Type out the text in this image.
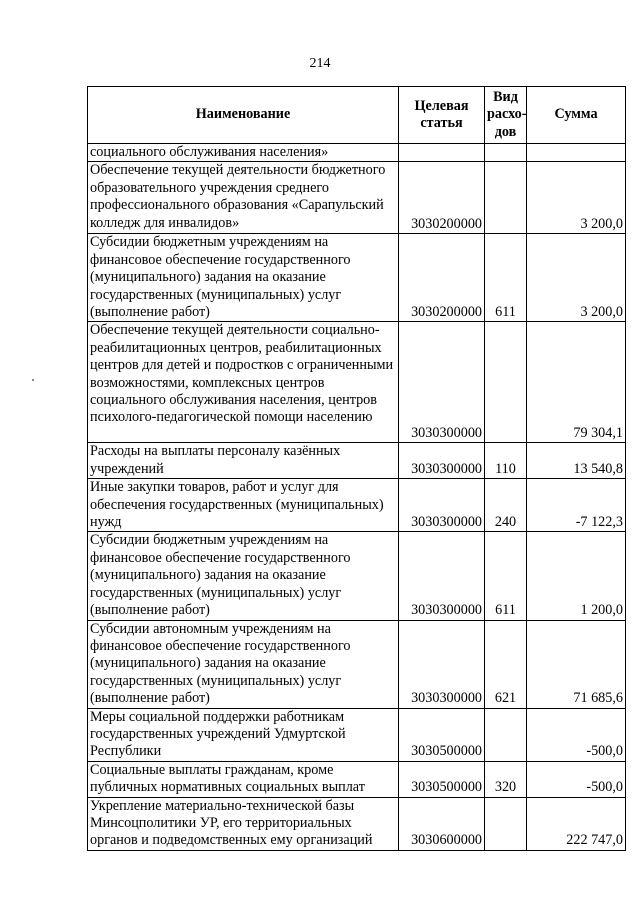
214
Наименование	Целевая статья	Вид расхо-дов	Сумма
социального обслуживания населения»			
Обеспечение текущей деятельности бюджетного образовательного учреждения среднего профессионального образования «Сарапульский колледж для инвалидов»	3030200000		3 200,0
Субсидии бюджетным учреждениям на финансовое обеспечение государственного (муниципального) задания на оказание государственных (муниципальных) услуг (выполнение работ)	3030200000	611	3 200,0
Обеспечение текущей деятельности социально-реабилитационных центров, реабилитационных центров для детей и подростков с ограниченными возможностями, комплексных центров социального обслуживания населения, центров психолого-педагогической помощи населению	3030300000		79 304,1
Расходы на выплаты персоналу казённых учреждений	3030300000	110	13 540,8
Иные закупки товаров, работ и услуг для обеспечения государственных (муниципальных) нужд	3030300000	240	-7 122,3
Субсидии бюджетным учреждениям на финансовое обеспечение государственного (муниципального) задания на оказание государственных (муниципальных) услуг (выполнение работ)	3030300000	611	1 200,0
Субсидии автономным учреждениям на финансовое обеспечение государственного (муниципального) задания на оказание государственных (муниципальных) услуг (выполнение работ)	3030300000	621	71 685,6
Меры социальной поддержки работникам государственных учреждений Удмуртской Республики	3030500000		-500,0
Социальные выплаты гражданам, кроме публичных нормативных социальных выплат	3030500000	320	-500,0
Укрепление материально-технической базы Минсоцполитики УР, его территориальных органов и подведомственных ему организаций	3030600000		222 747,0
